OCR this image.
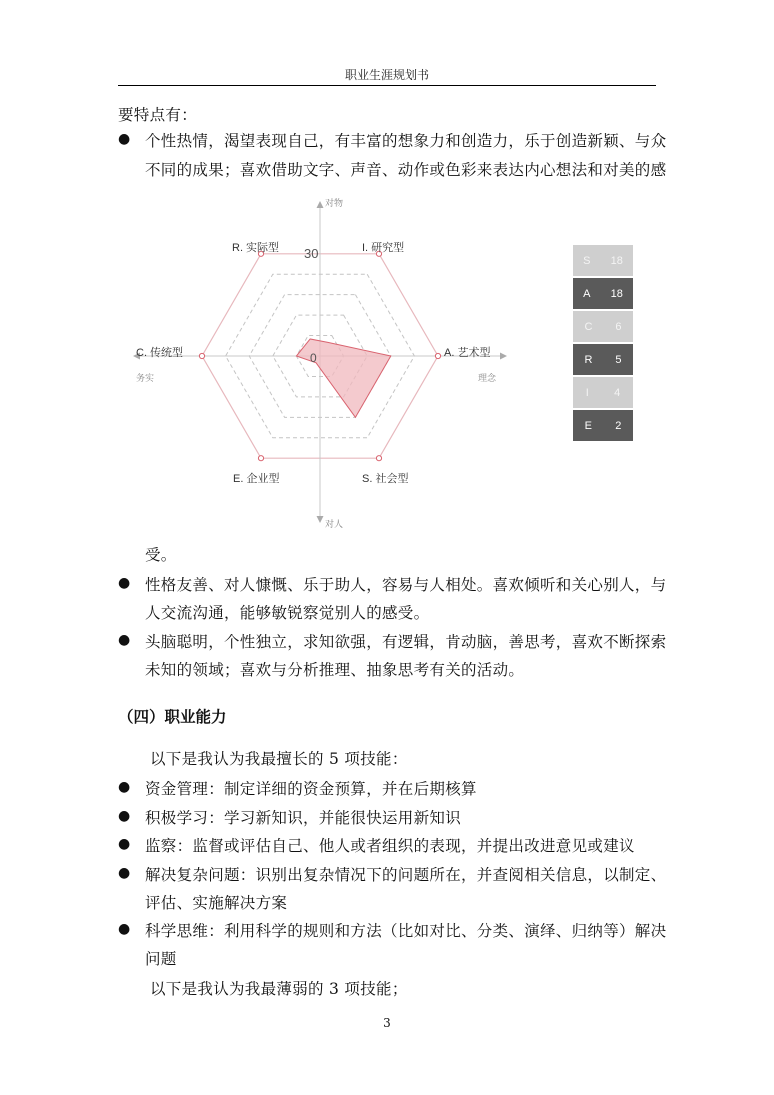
职业生涯规划书
要特点有：
● 个性热情，渴望表现自己，有丰富的想象力和创造力，乐于创造新颖、与众
不同的成果；喜欢借助文字、声音、动作或色彩来表达内心想法和对美的感
I. 研究型
A. 艺术型
S. 社会型
E. 企业型
C. 传统型
R. 实际型 30
0
对物
对人
务实	理念
S 18
A 18
C 6
R 5
I 4
E 2
受。
● 性格友善、对人慷慨、乐于助人，容易与人相处。喜欢倾听和关心别人，与
人交流沟通，能够敏锐察觉别人的感受。
● 头脑聪明，个性独立，求知欲强，有逻辑，肯动脑，善思考，喜欢不断探索
未知的领域；喜欢与分析推理、抽象思考有关的活动。
（四）职业能力
以下是我认为我最擅长的 5 项技能：
● 资金管理：制定详细的资金预算，并在后期核算
● 积极学习：学习新知识，并能很快运用新知识
● 监察：监督或评估自己、他人或者组织的表现，并提出改进意见或建议
● 解决复杂问题：识别出复杂情况下的问题所在，并查阅相关信息，以制定、
评估、实施解决方案
● 科学思维：利用科学的规则和方法（比如对比、分类、演绎、归纳等）解决
问题
以下是我认为我最薄弱的 3 项技能；
3
